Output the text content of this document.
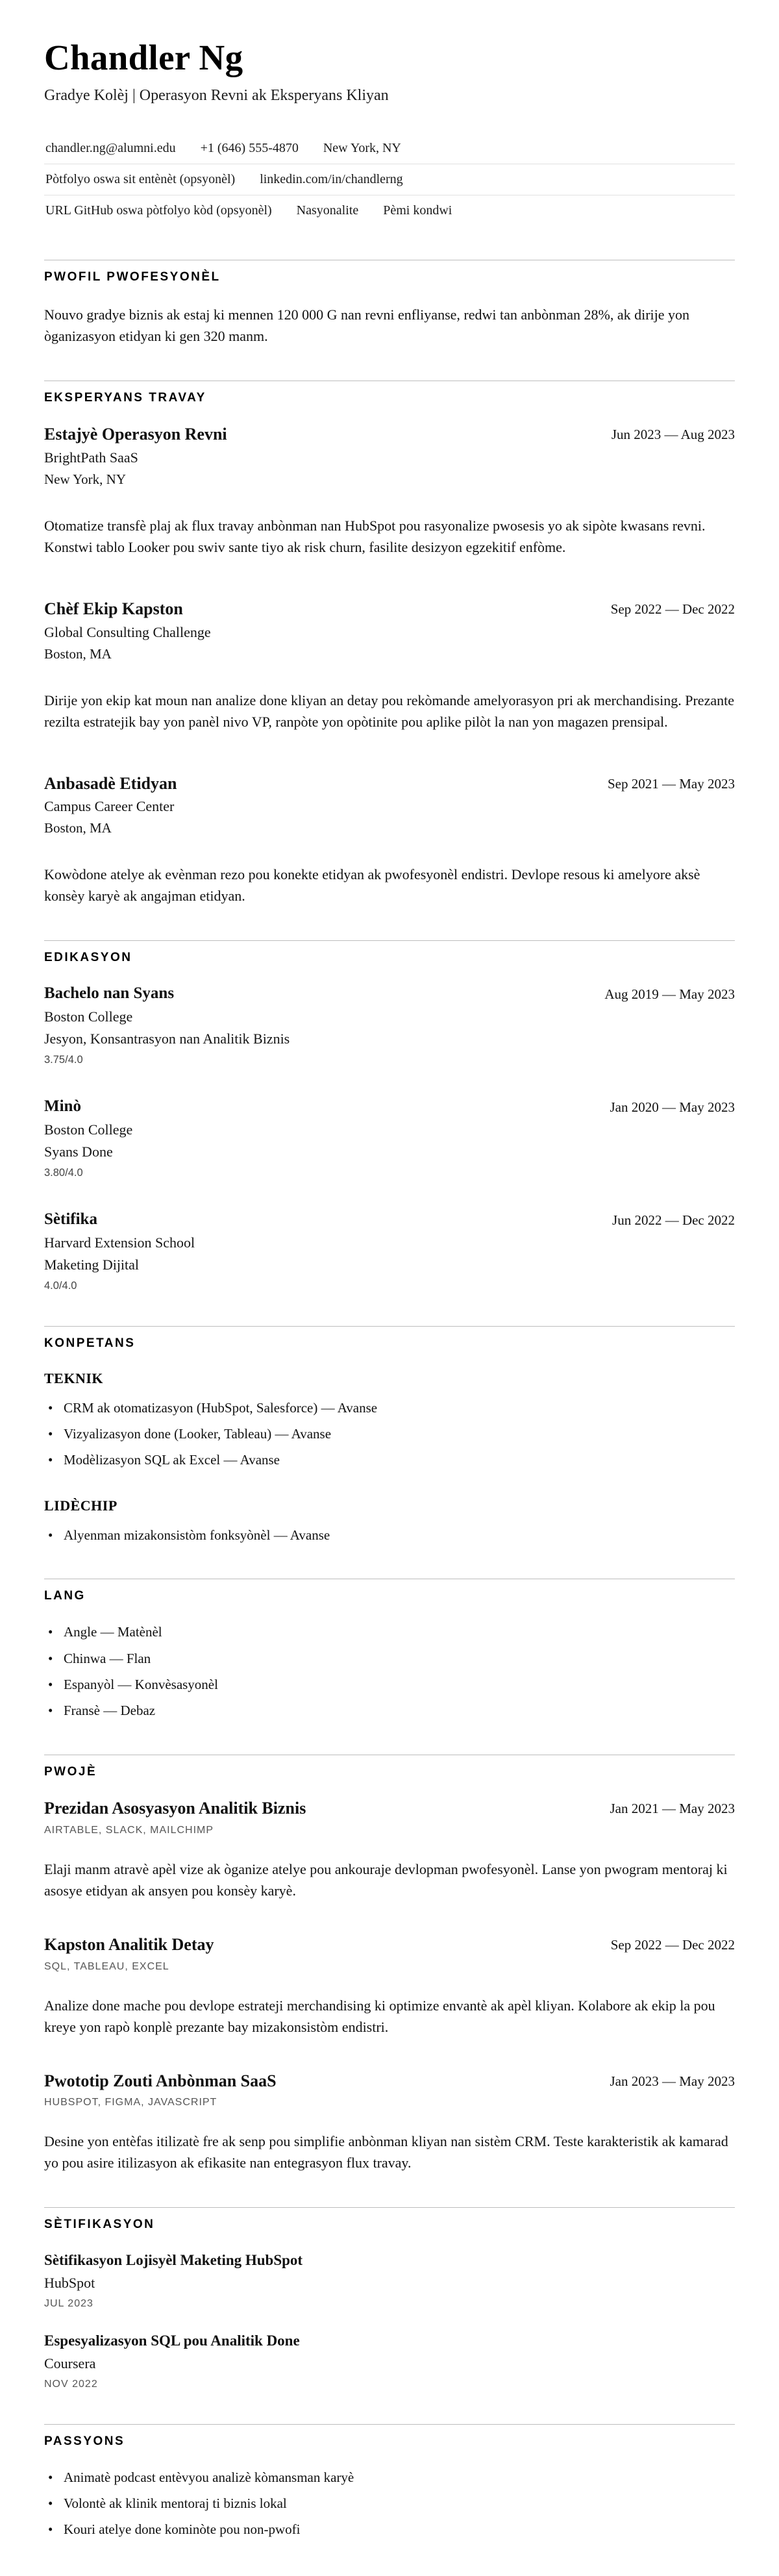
Chandler Ng

Gradye Kolèj | Operasyon Revni ak Eksperyans Kliyan

chandler.ng@alumni.edu +1 (646) 555-4870 New York, NY
Pòtfolyo oswa sit entènèt (opsyonèl) linkedin.com/in/chandlerng
URL GitHub oswa pòtfolyo kòd (opsyonèl) Nasyonalite Pèmi kondwi
PWOFIL PWOFESYONÈL

Nouvo gradye biznis ak estaj ki mennen 120 000 G nan revni enfliyanse, redwi tan anbònman 28%, ak dirije yon òganizasyon etidyan ki gen 320 manm.

EKSPERYANS TRAVAY
Estajyè Operasyon Revni
BrightPath SaaS
New York, NY
Jun 2023 — Aug 2023

Otomatize transfè plaj ak flux travay anbònman nan HubSpot pou rasyonalize pwosesis yo ak sipòte kwasans revni. Konstwi tablo Looker pou swiv sante tiyo ak risk churn, fasilite desizyon egzekitif enfòme.

Chèf Ekip Kapston
Global Consulting Challenge
Boston, MA
Sep 2022 — Dec 2022

Dirije yon ekip kat moun nan analize done kliyan an detay pou rekòmande amelyorasyon pri ak merchandising. Prezante rezilta estratejik bay yon panèl nivo VP, ranpòte yon opòtinite pou aplike pilòt la nan yon magazen prensipal.

Anbasadè Etidyan
Campus Career Center
Boston, MA
Sep 2021 — May 2023

Kowòdone atelye ak evènman rezo pou konekte etidyan ak pwofesyonèl endistri. Devlope resous ki amelyore aksè konsèy karyè ak angajman etidyan.

EDIKASYON
Bachelo nan Syans
Boston College
Jesyon, Konsantrasyon nan Analitik Biznis
3.75/4.0
Aug 2019 — May 2023
Minò
Boston College
Syans Done
3.80/4.0
Jan 2020 — May 2023
Sètifika
Harvard Extension School
Maketing Dijital
4.0/4.0
Jun 2022 — Dec 2022
KONPETANS
TEKNIK
• CRM ak otomatizasyon (HubSpot, Salesforce) — Avanse
• Vizyalizasyon done (Looker, Tableau) — Avanse
• Modèlizasyon SQL ak Excel — Avanse
LIDÈCHIP
• Alyenman mizakonsistòm fonksyònèl — Avanse
LANG
• Angle — Matènèl
• Chinwa — Flan
• Espanyòl — Konvèsasyonèl
• Fransè — Debaz
PWOJÈ
Prezidan Asosyasyon Analitik Biznis
AIRTABLE, SLACK, MAILCHIMP
Jan 2021 — May 2023

Elaji manm atravè apèl vize ak òganize atelye pou ankouraje devlopman pwofesyonèl. Lanse yon pwogram mentoraj ki asosye etidyan ak ansyen pou konsèy karyè.

Kapston Analitik Detay
SQL, TABLEAU, EXCEL
Sep 2022 — Dec 2022

Analize done mache pou devlope estrateji merchandising ki optimize envantè ak apèl kliyan. Kolabore ak ekip la pou kreye yon rapò konplè prezante bay mizakonsistòm endistri.

Pwototip Zouti Anbònman SaaS
HUBSPOT, FIGMA, JAVASCRIPT
Jan 2023 — May 2023

Desine yon entèfas itilizatè fre ak senp pou simplifie anbònman kliyan nan sistèm CRM. Teste karakteristik ak kamarad yo pou asire itilizasyon ak efikasite nan entegrasyon flux travay.

SÈTIFIKASYON
Sètifikasyon Lojisyèl Maketing HubSpot
HubSpot
JUL 2023
Espesyalizasyon SQL pou Analitik Done
Coursera
NOV 2022
PASSYONS
• Animatè podcast entèvyou analizè kòmansman karyè
• Volontè ak klinik mentoraj ti biznis lokal
• Kouri atelye done kominòte pou non-pwofi
